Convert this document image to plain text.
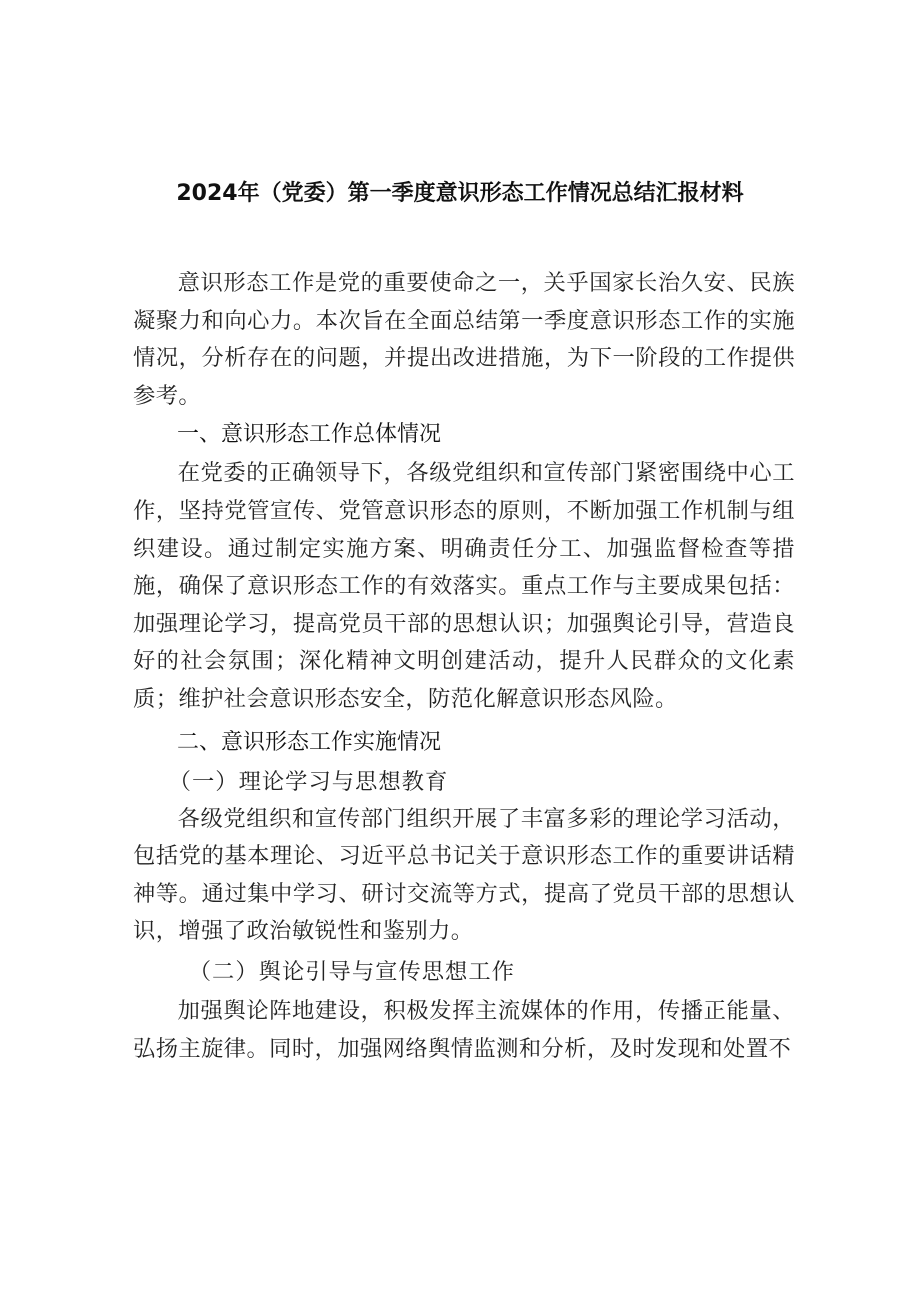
2024年（党委）第一季度意识形态工作情况总结汇报材料

意识形态工作是党的重要使命之一，关乎国家长治久安、民族凝聚力和向心力。本次旨在全面总结第一季度意识形态工作的实施情况，分析存在的问题，并提出改进措施，为下一阶段的工作提供参考。

一、意识形态工作总体情况

在党委的正确领导下，各级党组织和宣传部门紧密围绕中心工作，坚持党管宣传、党管意识形态的原则，不断加强工作机制与组织建设。通过制定实施方案、明确责任分工、加强监督检查等措施，确保了意识形态工作的有效落实。重点工作与主要成果包括：加强理论学习，提高党员干部的思想认识；加强舆论引导，营造良好的社会氛围；深化精神文明创建活动，提升人民群众的文化素质；维护社会意识形态安全，防范化解意识形态风险。

二、意识形态工作实施情况

（一）理论学习与思想教育

各级党组织和宣传部门组织开展了丰富多彩的理论学习活动，包括党的基本理论、习近平总书记关于意识形态工作的重要讲话精神等。通过集中学习、研讨交流等方式，提高了党员干部的思想认识，增强了政治敏锐性和鉴别力。

（二）舆论引导与宣传思想工作

加强舆论阵地建设，积极发挥主流媒体的作用，传播正能量、弘扬主旋律。同时，加强网络舆情监测和分析，及时发现和处置不
